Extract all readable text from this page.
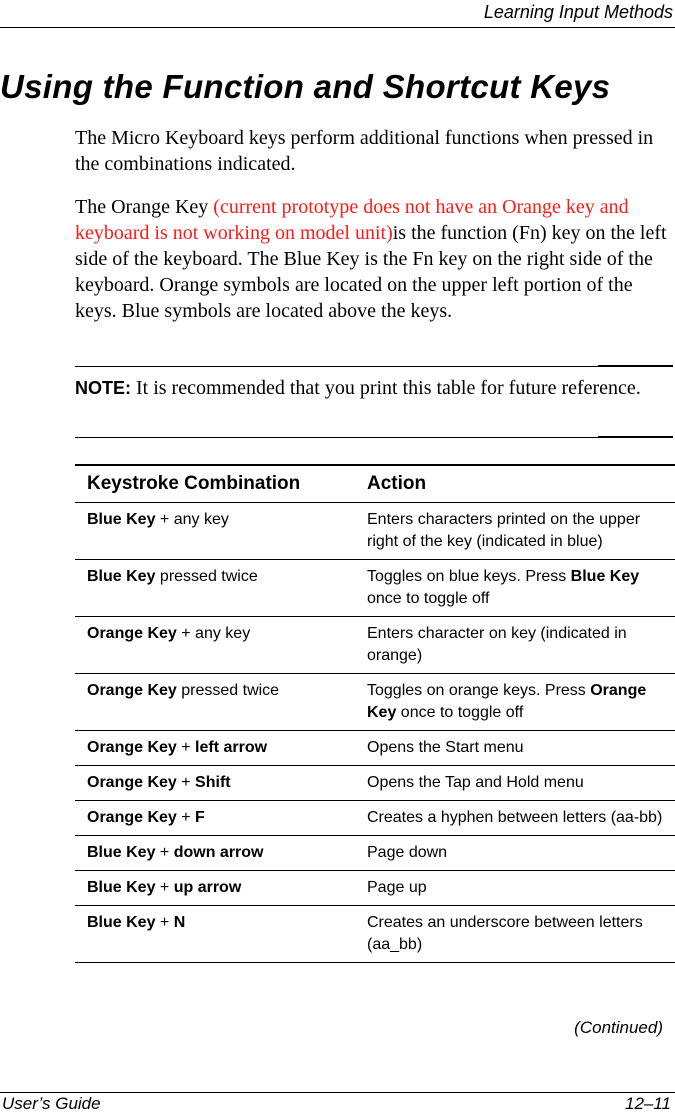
Learning Input Methods
Using the Function and Shortcut Keys

The Micro Keyboard keys perform additional functions when pressed in the combinations indicated.

The Orange Key (current prototype does not have an Orange key and keyboard is not working on model unit)is the function (Fn) key on the left side of the keyboard. The Blue Key is the Fn key on the right side of the keyboard. Orange symbols are located on the upper left portion of the keys. Blue symbols are located above the keys.

NOTE: It is recommended that you print this table for future reference.

Keystroke Combination	Action
Blue Key + any key	Enters characters printed on the upper right of the key (indicated in blue)
Blue Key pressed twice	Toggles on blue keys. Press Blue Key once to toggle off
Orange Key + any key	Enters character on key (indicated in orange)
Orange Key pressed twice	Toggles on orange keys. Press Orange Key once to toggle off
Orange Key + left arrow	Opens the Start menu
Orange Key + Shift	Opens the Tap and Hold menu
Orange Key + F	Creates a hyphen between letters (aa-bb)
Blue Key + down arrow	Page down
Blue Key + up arrow	Page up
Blue Key + N	Creates an underscore between letters (aa_bb)
(Continued)
User’s Guide	12–11
